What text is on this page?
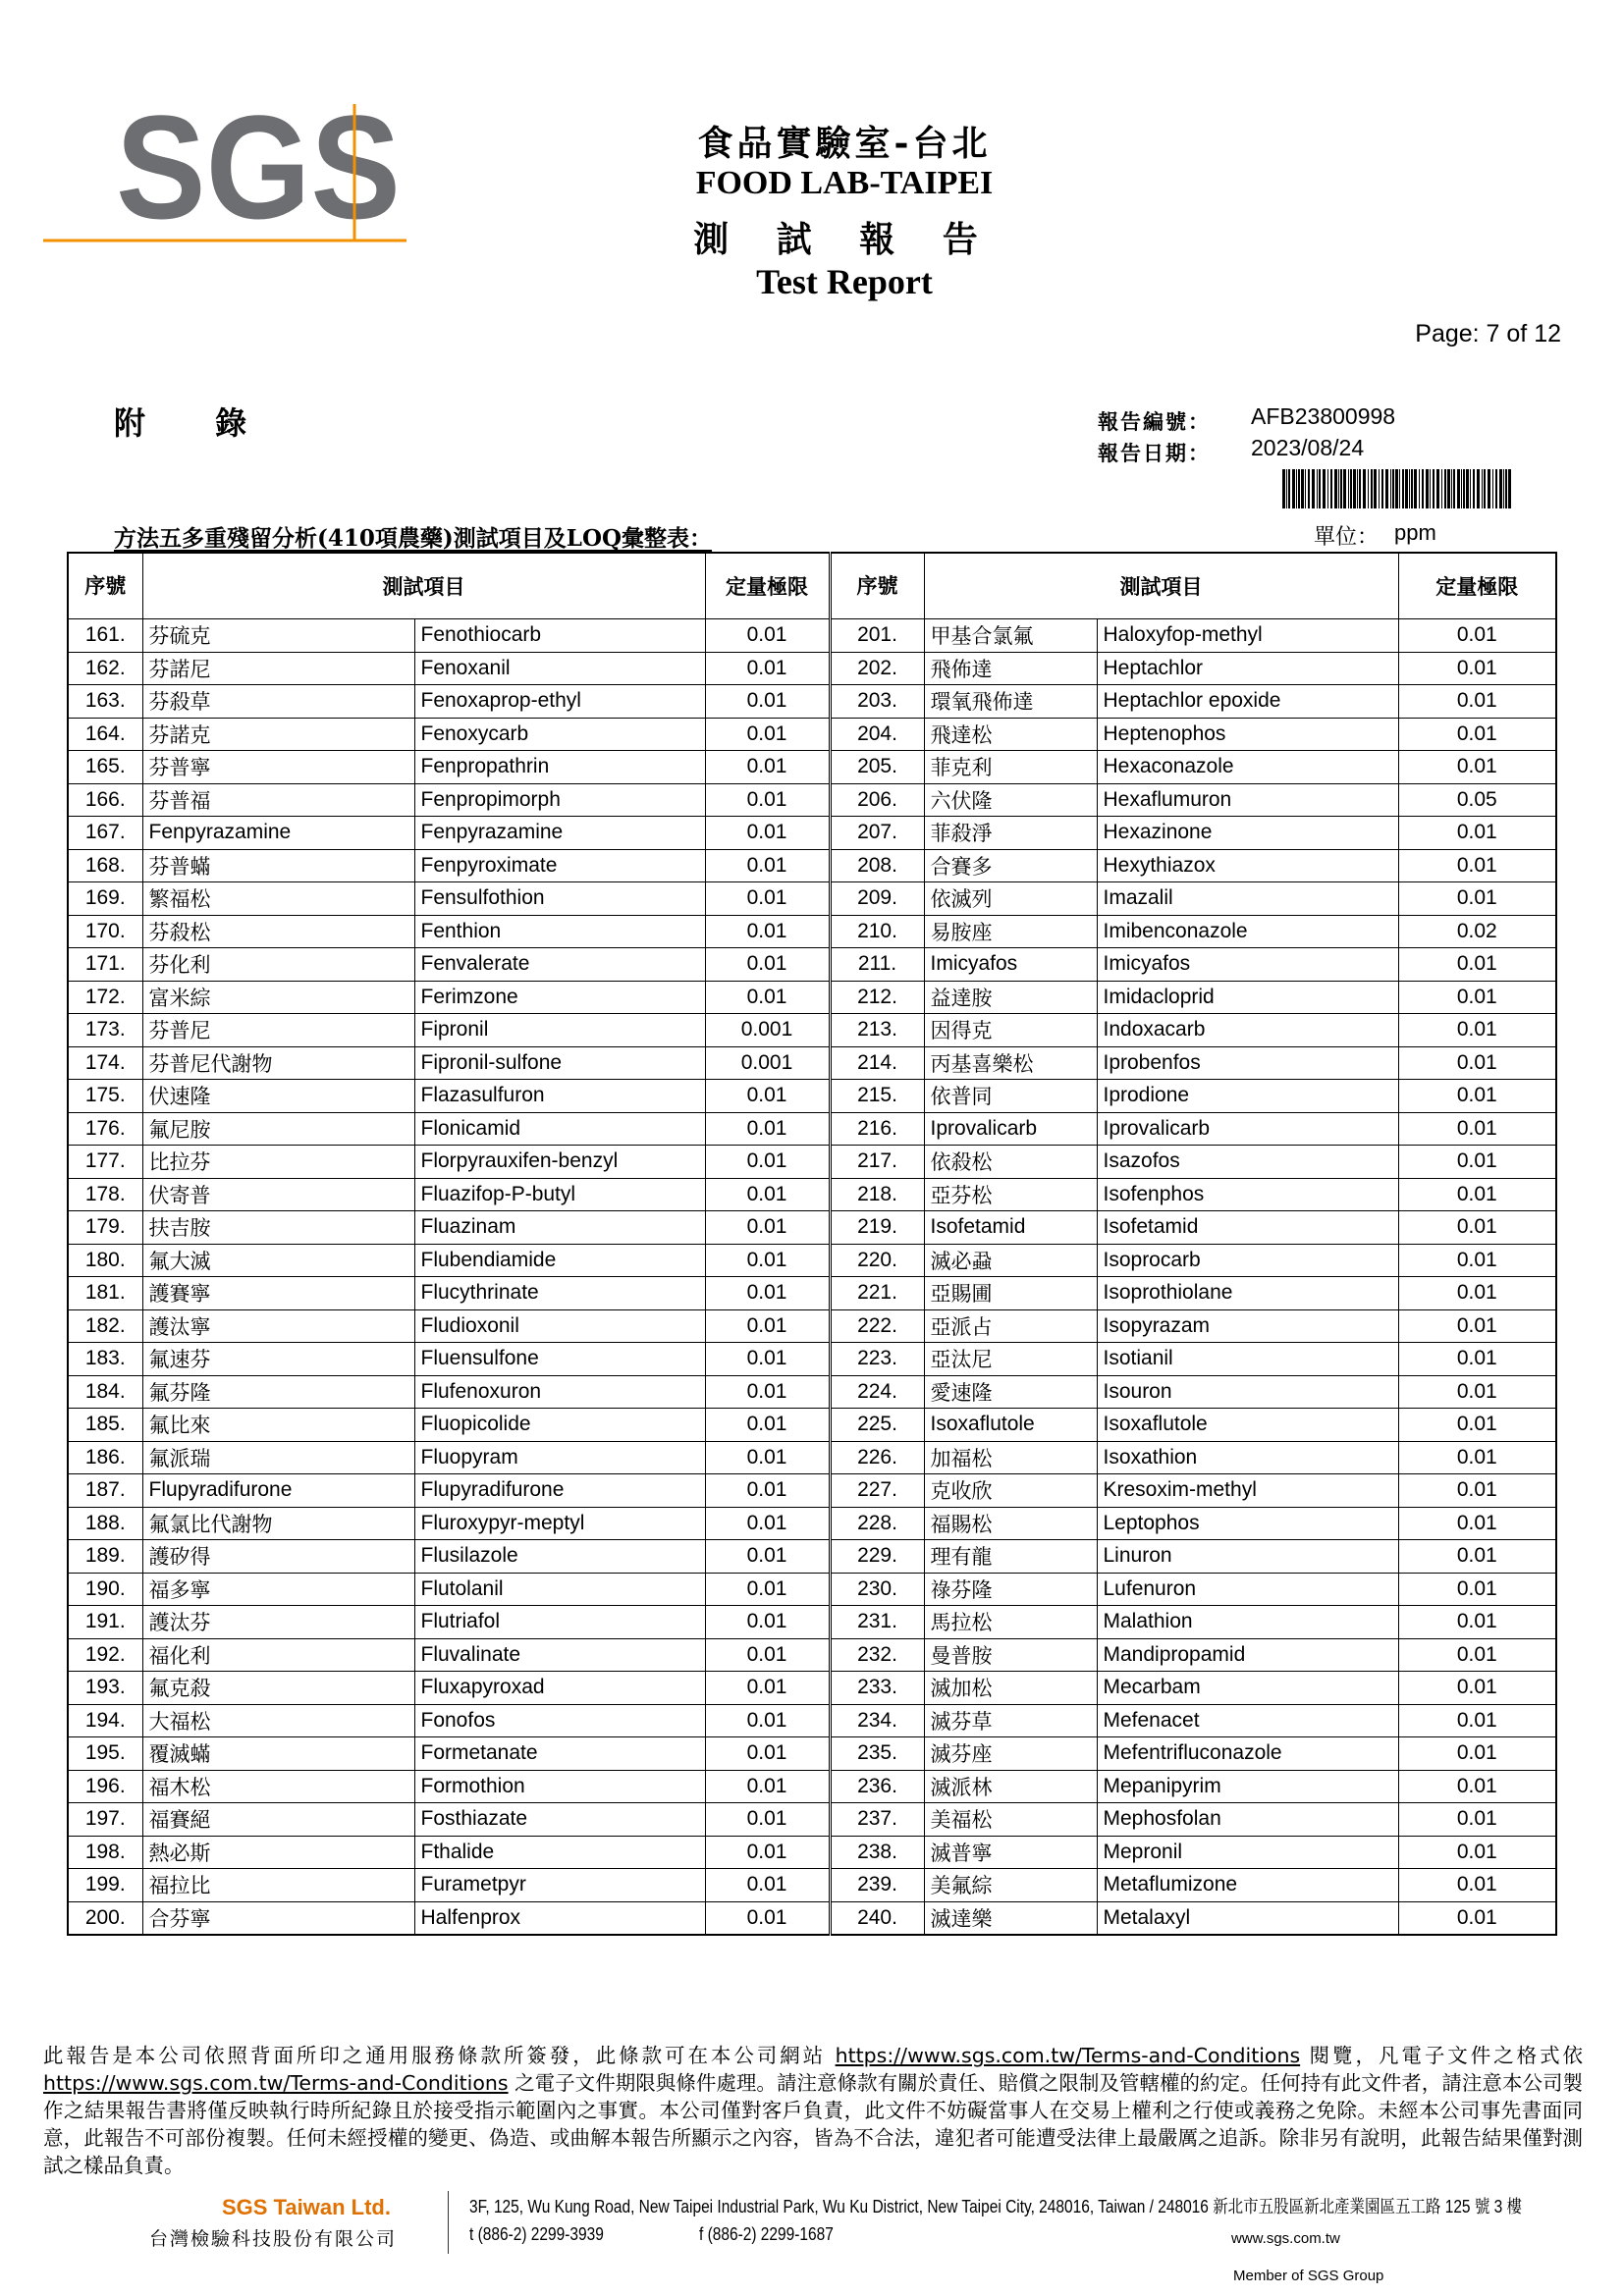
SGS	食品實驗室-台北
FOOD LAB-TAIPEI
測 試 報 告
Test Report
Page: 7 of 12
附 錄	報告編號： AFB23800998
報告日期： 2023/08/24
方法五多重殘留分析(410項農藥)測試項目及LOQ彙整表：	單位： ppm
序號	測試項目		定量極限	序號	測試項目		定量極限
161.	芬硫克	Fenothiocarb	0.01	201.	甲基合氯氟	Haloxyfop-methyl	0.01
162.	芬諾尼	Fenoxanil	0.01	202.	飛佈達	Heptachlor	0.01
163.	芬殺草	Fenoxaprop-ethyl	0.01	203.	環氧飛佈達	Heptachlor epoxide	0.01
164.	芬諾克	Fenoxycarb	0.01	204.	飛達松	Heptenophos	0.01
165.	芬普寧	Fenpropathrin	0.01	205.	菲克利	Hexaconazole	0.01
166.	芬普福	Fenpropimorph	0.01	206.	六伏隆	Hexaflumuron	0.05
167.	Fenpyrazamine	Fenpyrazamine	0.01	207.	菲殺淨	Hexazinone	0.01
168.	芬普蟎	Fenpyroximate	0.01	208.	合賽多	Hexythiazox	0.01
169.	繁福松	Fensulfothion	0.01	209.	依滅列	Imazalil	0.01
170.	芬殺松	Fenthion	0.01	210.	易胺座	Imibenconazole	0.02
171.	芬化利	Fenvalerate	0.01	211.	Imicyafos	Imicyafos	0.01
172.	富米綜	Ferimzone	0.01	212.	益達胺	Imidacloprid	0.01
173.	芬普尼	Fipronil	0.001	213.	因得克	Indoxacarb	0.01
174.	芬普尼代謝物	Fipronil-sulfone	0.001	214.	丙基喜樂松	Iprobenfos	0.01
175.	伏速隆	Flazasulfuron	0.01	215.	依普同	Iprodione	0.01
176.	氟尼胺	Flonicamid	0.01	216.	Iprovalicarb	Iprovalicarb	0.01
177.	比拉芬	Florpyrauxifen-benzyl	0.01	217.	依殺松	Isazofos	0.01
178.	伏寄普	Fluazifop-P-butyl	0.01	218.	亞芬松	Isofenphos	0.01
179.	扶吉胺	Fluazinam	0.01	219.	Isofetamid	Isofetamid	0.01
180.	氟大滅	Flubendiamide	0.01	220.	滅必蝨	Isoprocarb	0.01
181.	護賽寧	Flucythrinate	0.01	221.	亞賜圃	Isoprothiolane	0.01
182.	護汰寧	Fludioxonil	0.01	222.	亞派占	Isopyrazam	0.01
183.	氟速芬	Fluensulfone	0.01	223.	亞汰尼	Isotianil	0.01
184.	氟芬隆	Flufenoxuron	0.01	224.	愛速隆	Isouron	0.01
185.	氟比來	Fluopicolide	0.01	225.	Isoxaflutole	Isoxaflutole	0.01
186.	氟派瑞	Fluopyram	0.01	226.	加福松	Isoxathion	0.01
187.	Flupyradifurone	Flupyradifurone	0.01	227.	克收欣	Kresoxim-methyl	0.01
188.	氟氯比代謝物	Fluroxypyr-meptyl	0.01	228.	福賜松	Leptophos	0.01
189.	護矽得	Flusilazole	0.01	229.	理有龍	Linuron	0.01
190.	福多寧	Flutolanil	0.01	230.	祿芬隆	Lufenuron	0.01
191.	護汰芬	Flutriafol	0.01	231.	馬拉松	Malathion	0.01
192.	福化利	Fluvalinate	0.01	232.	曼普胺	Mandipropamid	0.01
193.	氟克殺	Fluxapyroxad	0.01	233.	滅加松	Mecarbam	0.01
194.	大福松	Fonofos	0.01	234.	滅芬草	Mefenacet	0.01
195.	覆滅蟎	Formetanate	0.01	235.	滅芬座	Mefentrifluconazole	0.01
196.	福木松	Formothion	0.01	236.	滅派林	Mepanipyrim	0.01
197.	福賽絕	Fosthiazate	0.01	237.	美福松	Mephosfolan	0.01
198.	熱必斯	Fthalide	0.01	238.	滅普寧	Mepronil	0.01
199.	福拉比	Furametpyr	0.01	239.	美氟綜	Metaflumizone	0.01
200.	合芬寧	Halfenprox	0.01	240.	滅達樂	Metalaxyl	0.01
此報告是本公司依照背面所印之通用服務條款所簽發，此條款可在本公司網站 https://www.sgs.com.tw/Terms-and-Conditions 閱覽，凡電子文件之格式依 https://www.sgs.com.tw/Terms-and-Conditions 之電子文件期限與條件處理。請注意條款有關於責任、賠償之限制及管轄權的約定。任何持有此文件者，請注意本公司製作之結果報告書將僅反映執行時所紀錄且於接受指示範圍內之事實。本公司僅對客戶負責，此文件不妨礙當事人在交易上權利之行使或義務之免除。未經本公司事先書面同意，此報告不可部份複製。任何未經授權的變更、偽造、或曲解本報告所顯示之內容，皆為不合法，違犯者可能遭受法律上最嚴厲之追訴。除非另有說明，此報告結果僅對測試之樣品負責。
SGS Taiwan Ltd.
台灣檢驗科技股份有限公司
3F, 125, Wu Kung Road, New Taipei Industrial Park, Wu Ku District, New Taipei City, 248016, Taiwan / 248016 新北市五股區新北產業園區五工路 125 號 3 樓
t (886-2) 2299-3939	f (886-2) 2299-1687	www.sgs.com.tw
Member of SGS Group
